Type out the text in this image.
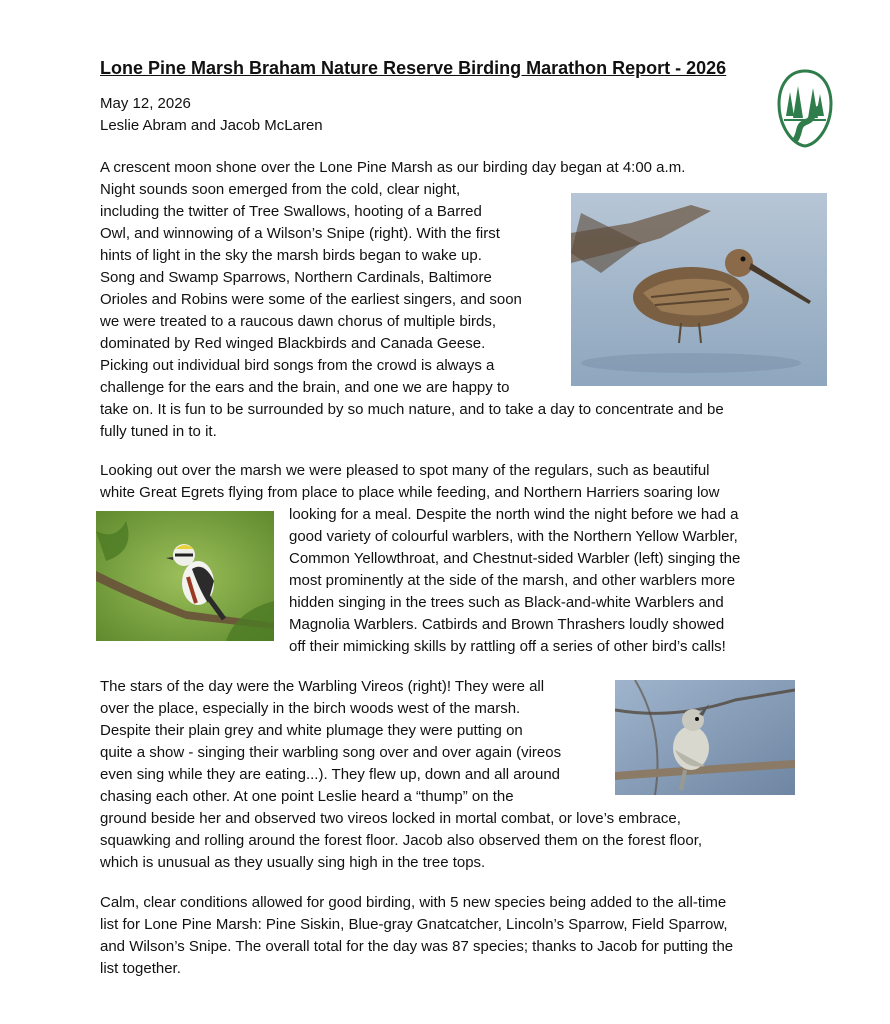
Lone Pine Marsh Braham Nature Reserve Birding Marathon Report - 2026
May 12, 2026
Leslie Abram and Jacob McLaren
A crescent moon shone over the Lone Pine Marsh as our birding day began at 4:00 a.m.
Night sounds soon emerged from the cold, clear night,
including the twitter of Tree Swallows, hooting of a Barred
Owl, and winnowing of a Wilson’s Snipe (right). With the first
hints of light in the sky the marsh birds began to wake up.
Song and Swamp Sparrows, Northern Cardinals, Baltimore
Orioles and Robins were some of the earliest singers, and soon
we were treated to a raucous dawn chorus of multiple birds,
dominated by Red winged Blackbirds and Canada Geese.
Picking out individual bird songs from the crowd is always a
challenge for the ears and the brain, and one we are happy to
take on. It is fun to be surrounded by so much nature, and to take a day to concentrate and be
fully tuned in to it.
Looking out over the marsh we were pleased to spot many of the regulars, such as beautiful
white Great Egrets flying from place to place while feeding, and Northern Harriers soaring low
looking for a meal. Despite the north wind the night before we had a
good variety of colourful warblers, with the Northern Yellow Warbler,
Common Yellowthroat, and Chestnut-sided Warbler (left) singing the
most prominently at the side of the marsh, and other warblers more
hidden singing in the trees such as Black-and-white Warblers and
Magnolia Warblers. Catbirds and Brown Thrashers loudly showed
off their mimicking skills by rattling off a series of other bird’s calls!
The stars of the day were the Warbling Vireos (right)! They were all
over the place, especially in the birch woods west of the marsh.
Despite their plain grey and white plumage they were putting on
quite a show - singing their warbling song over and over again (vireos
even sing while they are eating...). They flew up, down and all around
chasing each other. At one point Leslie heard a “thump” on the
ground beside her and observed two vireos locked in mortal combat, or love’s embrace,
squawking and rolling around the forest floor. Jacob also observed them on the forest floor,
which is unusual as they usually sing high in the tree tops.
Calm, clear conditions allowed for good birding, with 5 new species being added to the all-time
list for Lone Pine Marsh: Pine Siskin, Blue-gray Gnatcatcher, Lincoln’s Sparrow, Field Sparrow,
and Wilson’s Snipe. The overall total for the day was 87 species; thanks to Jacob for putting the
list together.
